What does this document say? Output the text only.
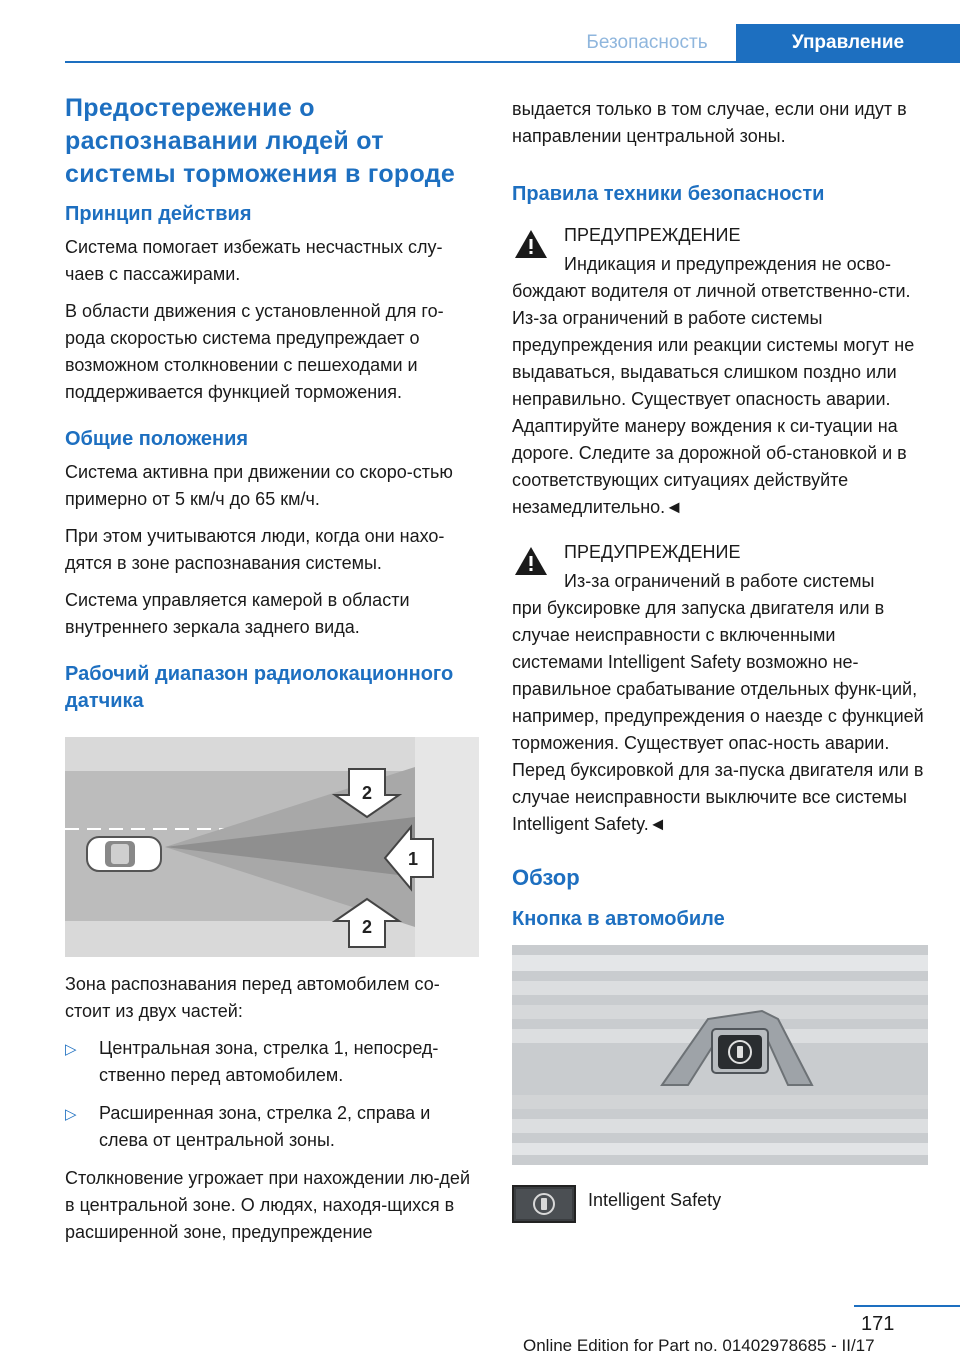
Безопасность	Управление
Предостережение о распознавании людей от системы торможения в городе
Принцип действия

Система помогает избежать несчастных слу-чаев с пассажирами.

В области движения с установленной для го-рода скоростью система предупреждает о возможном столкновении с пешеходами и поддерживается функцией торможения.

Общие положения

Система активна при движении со скоро-стью примерно от 5 км/ч до 65 км/ч.

При этом учитываются люди, когда они нахо-дятся в зоне распознавания системы.

Система управляется камерой в области внутреннего зеркала заднего вида.

Рабочий диапазон радиолокационного датчика
2
1
2

Зона распознавания перед автомобилем со-стоит из двух частей:

▷	Центральная зона, стрелка 1, непосред-ственно перед автомобилем.
▷	Расширенная зона, стрелка 2, справа и слева от центральной зоны.

Столкновение угрожает при нахождении лю-дей в центральной зоне. О людях, находя-щихся в расширенной зоне, предупреждение

выдается только в том случае, если они идут в направлении центральной зоны.

Правила техники безопасности
ПРЕДУПРЕЖДЕНИЕ
Индикация и предупреждения не осво-

бождают водителя от личной ответственно-сти. Из-за ограничений в работе системы предупреждения или реакции системы могут не выдаваться, выдаваться слишком поздно или неправильно. Существует опасность аварии. Адаптируйте манеру вождения к си-туации на дороге. Следите за дорожной об-становкой и в соответствующих ситуациях действуйте незамедлительно.◄

ПРЕДУПРЕЖДЕНИЕ
Из-за ограничений в работе системы

при буксировке для запуска двигателя или в случае неисправности с включенными системами Intelligent Safety возможно не-правильное срабатывание отдельных функ-ций, например, предупреждения о наезде с функцией торможения. Существует опас-ность аварии. Перед буксировкой для за-пуска двигателя или в случае неисправности выключите все системы Intelligent Safety.◄

Обзор
Кнопка в автомобиле

Intelligent Safety

171
Online Edition for Part no. 01402978685 - II/17
